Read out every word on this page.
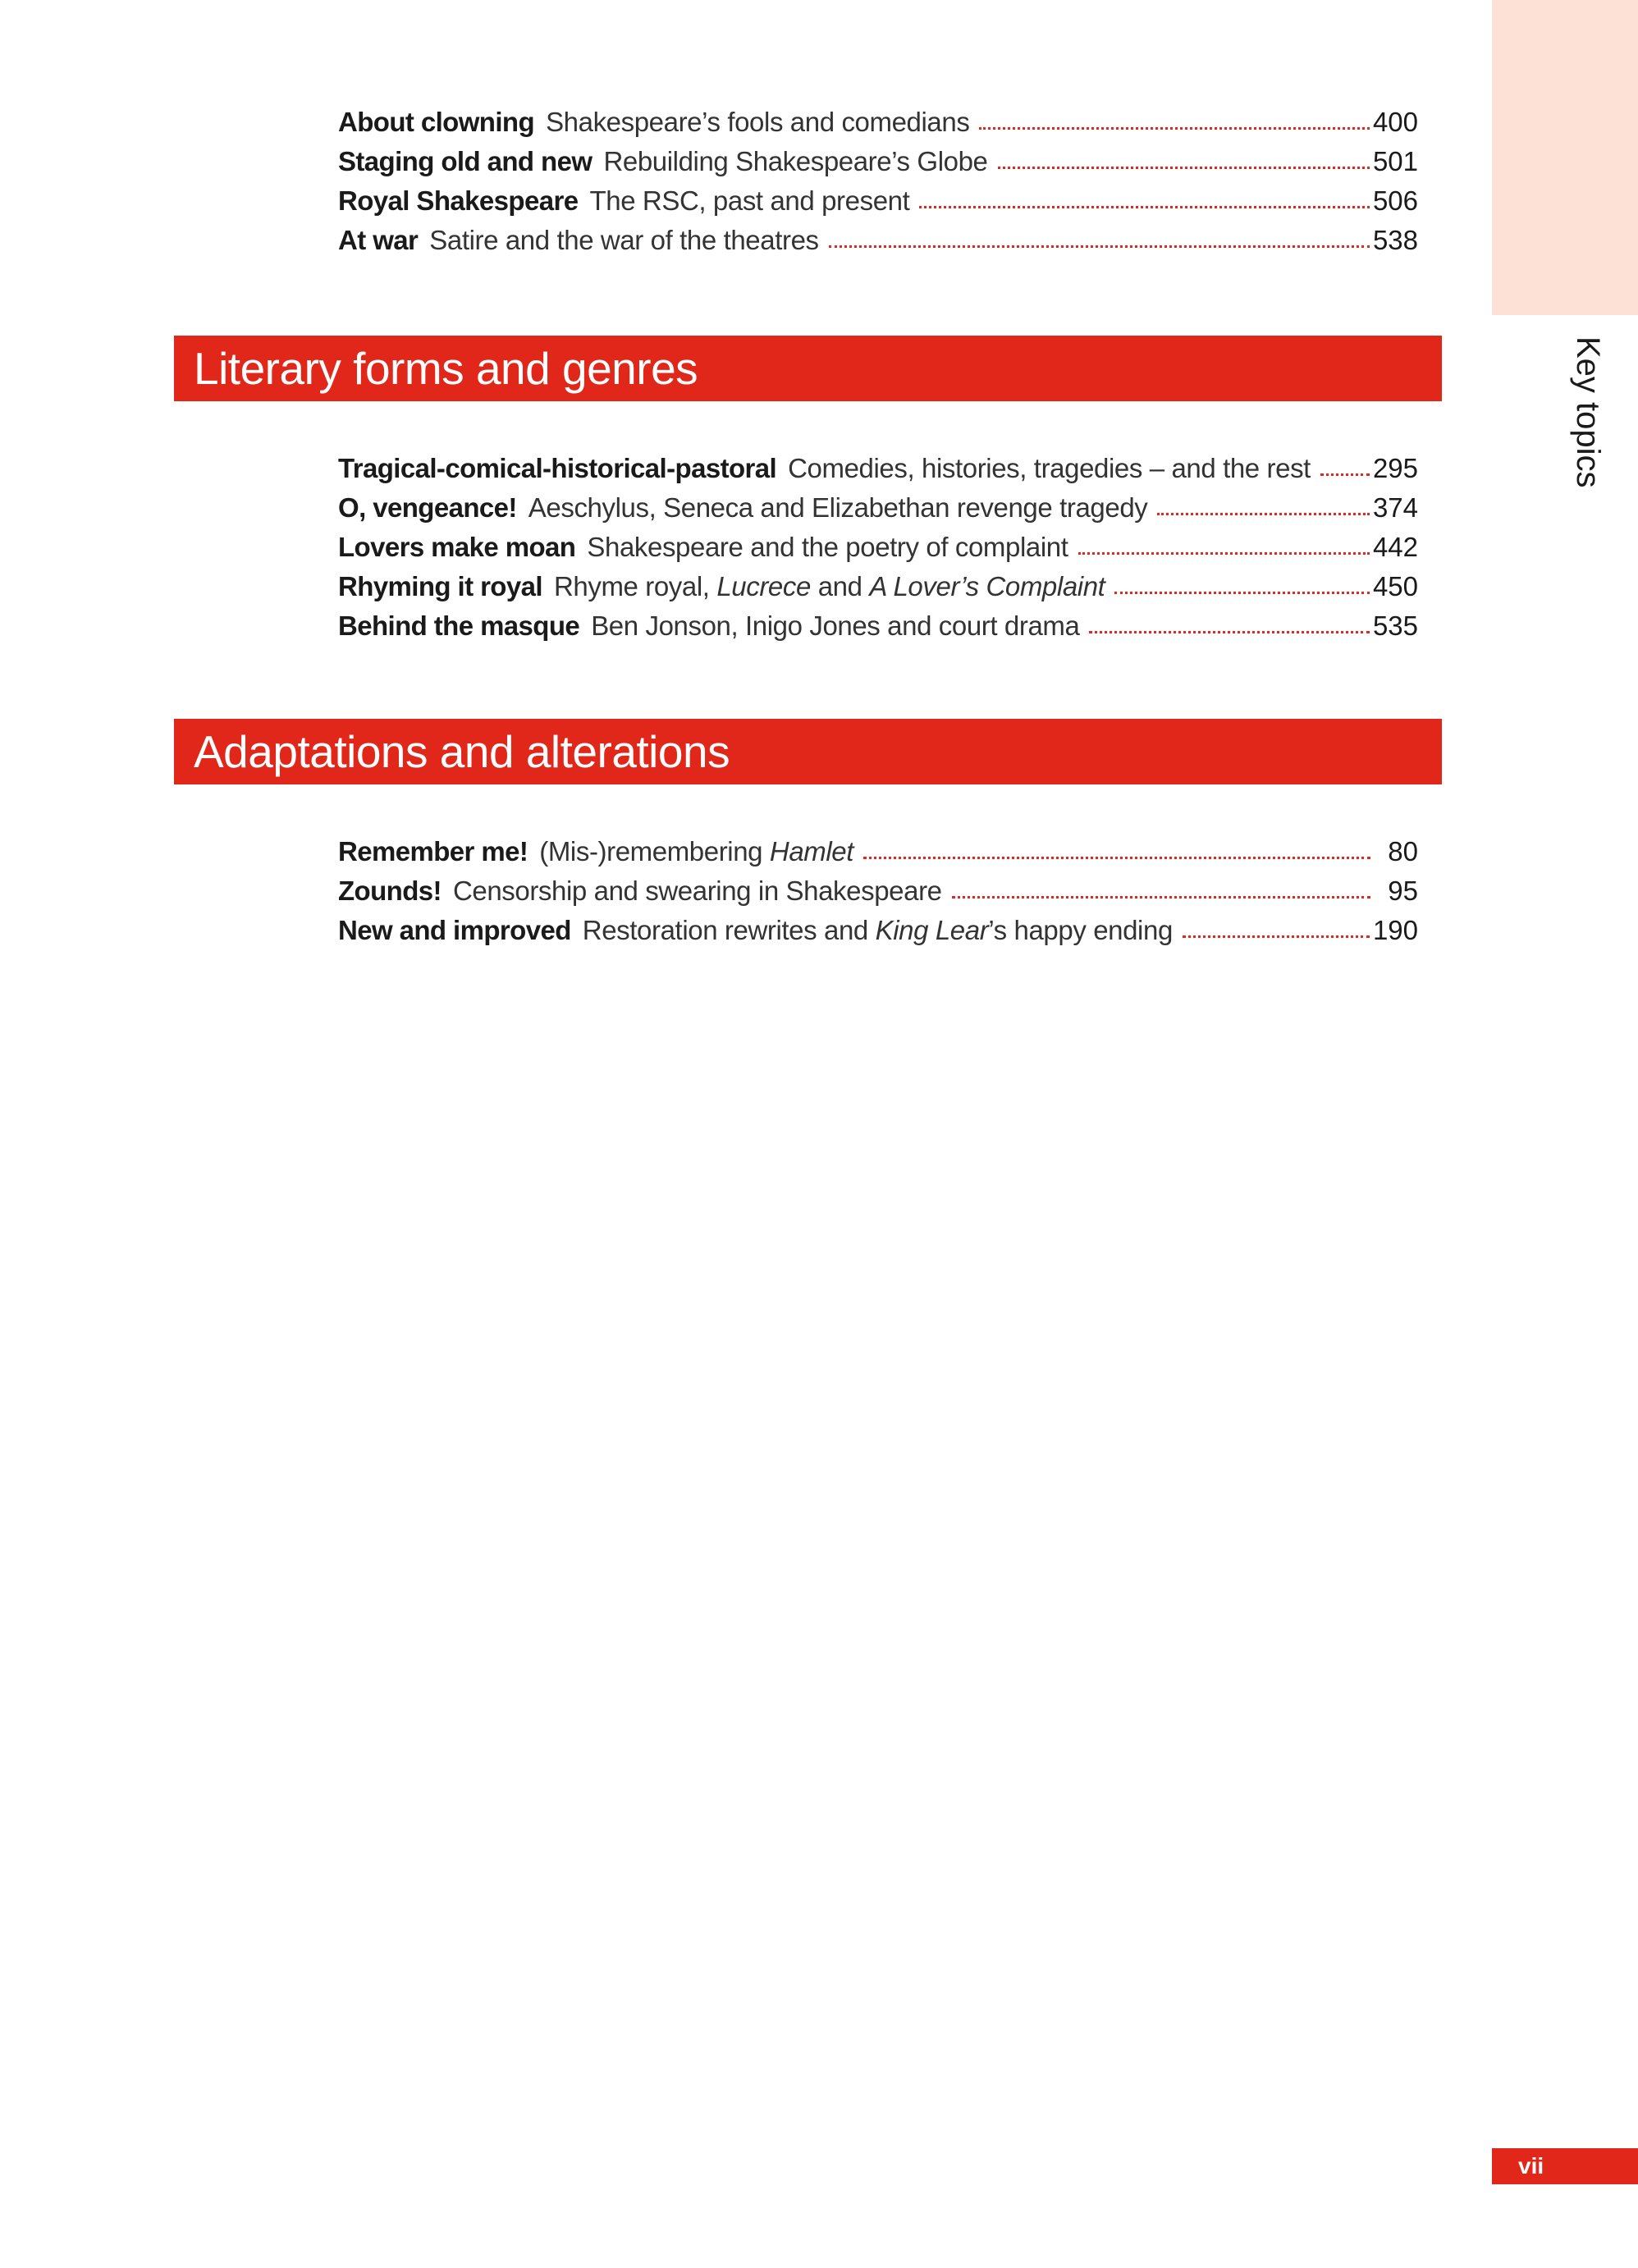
Key topics
About clowning Shakespeare’s fools and comedians	400
Staging old and new Rebuilding Shakespeare’s Globe	501
Royal Shakespeare The RSC, past and present	506
At war Satire and the war of the theatres	538
Literary forms and genres
Tragical-comical-historical-pastoral Comedies, histories, tragedies – and the rest 295
O, vengeance! Aeschylus, Seneca and Elizabethan revenge tragedy	374
Lovers make moan Shakespeare and the poetry of complaint	442
Rhyming it royal Rhyme royal, Lucrece and A Lover’s Complaint	450
Behind the masque Ben Jonson, Inigo Jones and court drama	535
Adaptations and alterations
Remember me! (Mis-)remembering Hamlet	80
Zounds! Censorship and swearing in Shakespeare	95
New and improved Restoration rewrites and King Lear’s happy ending	190
vii
